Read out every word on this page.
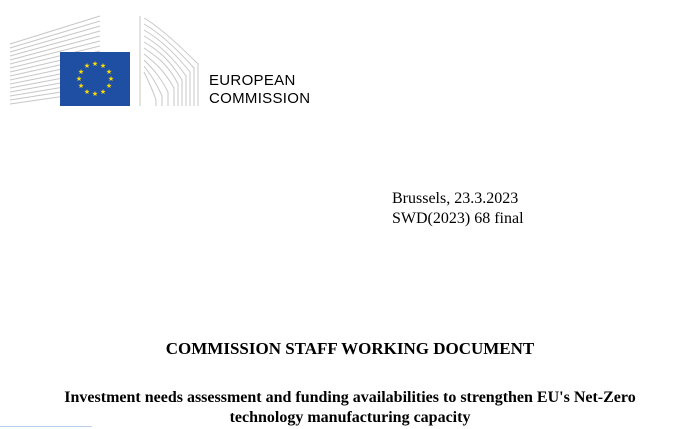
★ ★
★
★
★
★
★
★
★
★
★
★
EUROPEAN
COMMISSION
Brussels, 23.3.2023
SWD(2023) 68 final
COMMISSION STAFF WORKING DOCUMENT
Investment needs assessment and funding availabilities to strengthen EU's Net-Zero
technology manufacturing capacity
